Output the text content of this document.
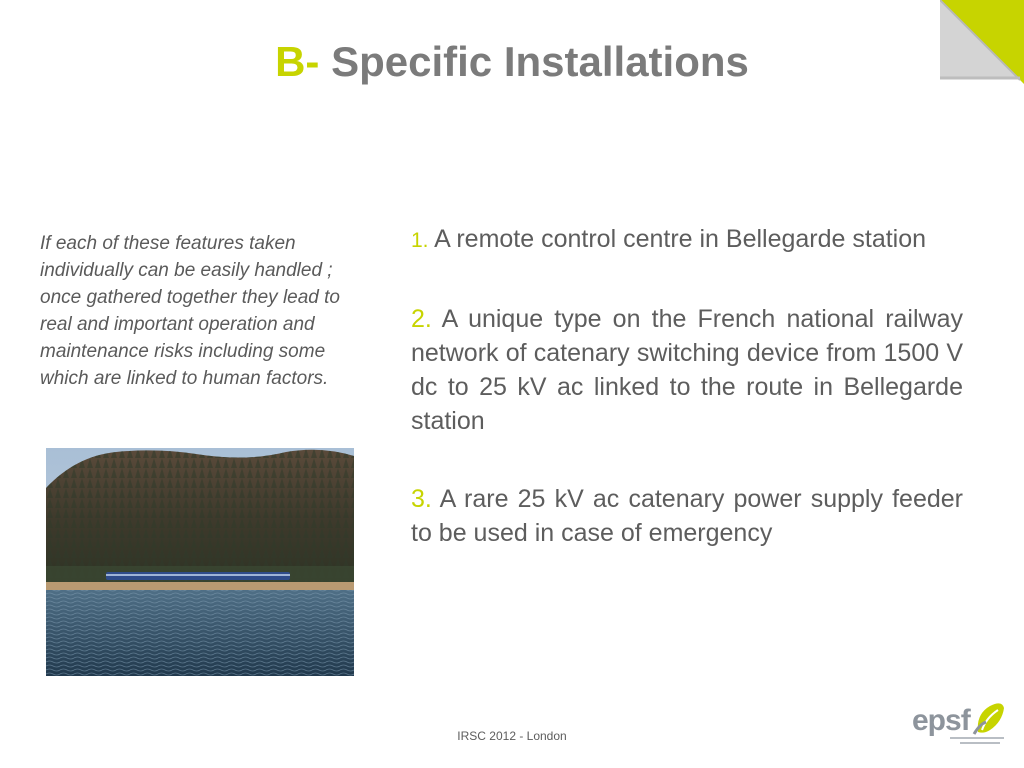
B- Specific Installations

If each of these features taken individually can be easily handled ; once gathered together they lead to real and important operation and maintenance risks including some which are linked to human factors.

1. A remote control centre in Bellegarde station

2. A unique type on the French national railway network of catenary switching device from 1500 V dc to 25 kV ac linked to the route in Bellegarde station

3. A rare 25 kV ac catenary power supply feeder to be used in case of emergency

IRSC 2012 - London	epsf
